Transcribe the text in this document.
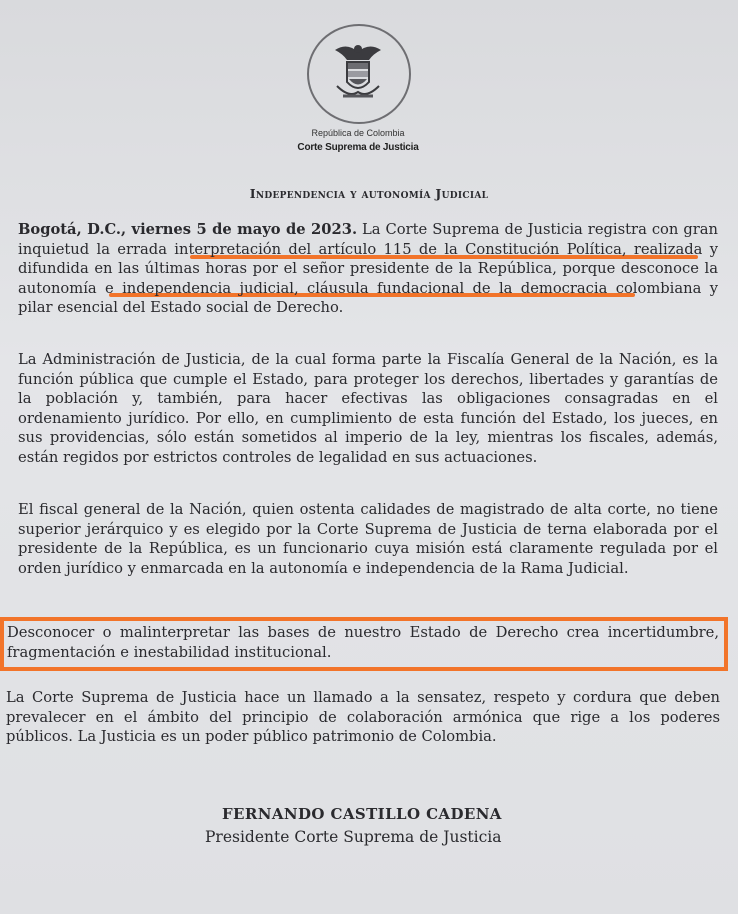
República de Colombia
Corte Suprema de Justicia
Independencia y autonomía Judicial

Bogotá, D.C., viernes 5 de mayo de 2023. La Corte Suprema de Justicia registra con gran inquietud la errada interpretación del artículo 115 de la Constitución Política, realizada y difundida en las últimas horas por el señor presidente de la República, porque desconoce la autonomía e independencia judicial, cláusula fundacional de la democracia colombiana y pilar esencial del Estado social de Derecho.

La Administración de Justicia, de la cual forma parte la Fiscalía General de la Nación, es la función pública que cumple el Estado, para proteger los derechos, libertades y garantías de la población y, también, para hacer efectivas las obligaciones consagradas en el ordenamiento jurídico. Por ello, en cumplimiento de esta función del Estado, los jueces, en sus providencias, sólo están sometidos al imperio de la ley, mientras los fiscales, además, están regidos por estrictos controles de legalidad en sus actuaciones.

El fiscal general de la Nación, quien ostenta calidades de magistrado de alta corte, no tiene superior jerárquico y es elegido por la Corte Suprema de Justicia de terna elaborada por el presidente de la República, es un funcionario cuya misión está claramente regulada por el orden jurídico y enmarcada en la autonomía e independencia de la Rama Judicial.

Desconocer o malinterpretar las bases de nuestro Estado de Derecho crea incertidumbre, fragmentación e inestabilidad institucional.

La Corte Suprema de Justicia hace un llamado a la sensatez, respeto y cordura que deben prevalecer en el ámbito del principio de colaboración armónica que rige a los poderes públicos. La Justicia es un poder público patrimonio de Colombia.

FERNANDO CASTILLO CADENA
Presidente Corte Suprema de Justicia
